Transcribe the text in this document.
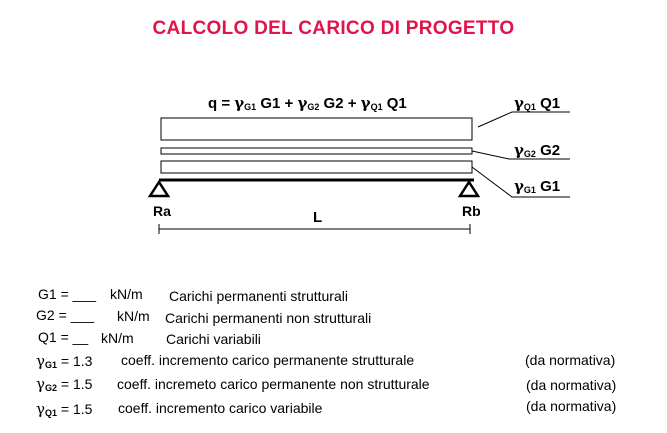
CALCOLO DEL CARICO DI PROGETTO
$q = \gamma_{G1}$ $G1 + \gamma_{G2}$ $G2 + \gamma_{Q1}$ Q1	$\gamma_{Q1}$ Q1
$\gamma_{G2}$ G2
$\gamma_{G1}$ G1
Ra	Rb
L
G1 = ___ kN/m Carichi permanenti strutturali
G2 = ___ kN/m Carichi permanenti non strutturali
Q1 = __ kN/m Carichi variabili
$\gamma_{G1} = 1.3$ coeff. incremento carico permanente strutturale	(da normativa)
$\gamma_{G2} = 1.5$ coeff. incremeto carico permanente non strutturale	(da normativa)
$\gamma_{Q1} = 1.5$ coeff. incremento carico variabile	(da normativa)
